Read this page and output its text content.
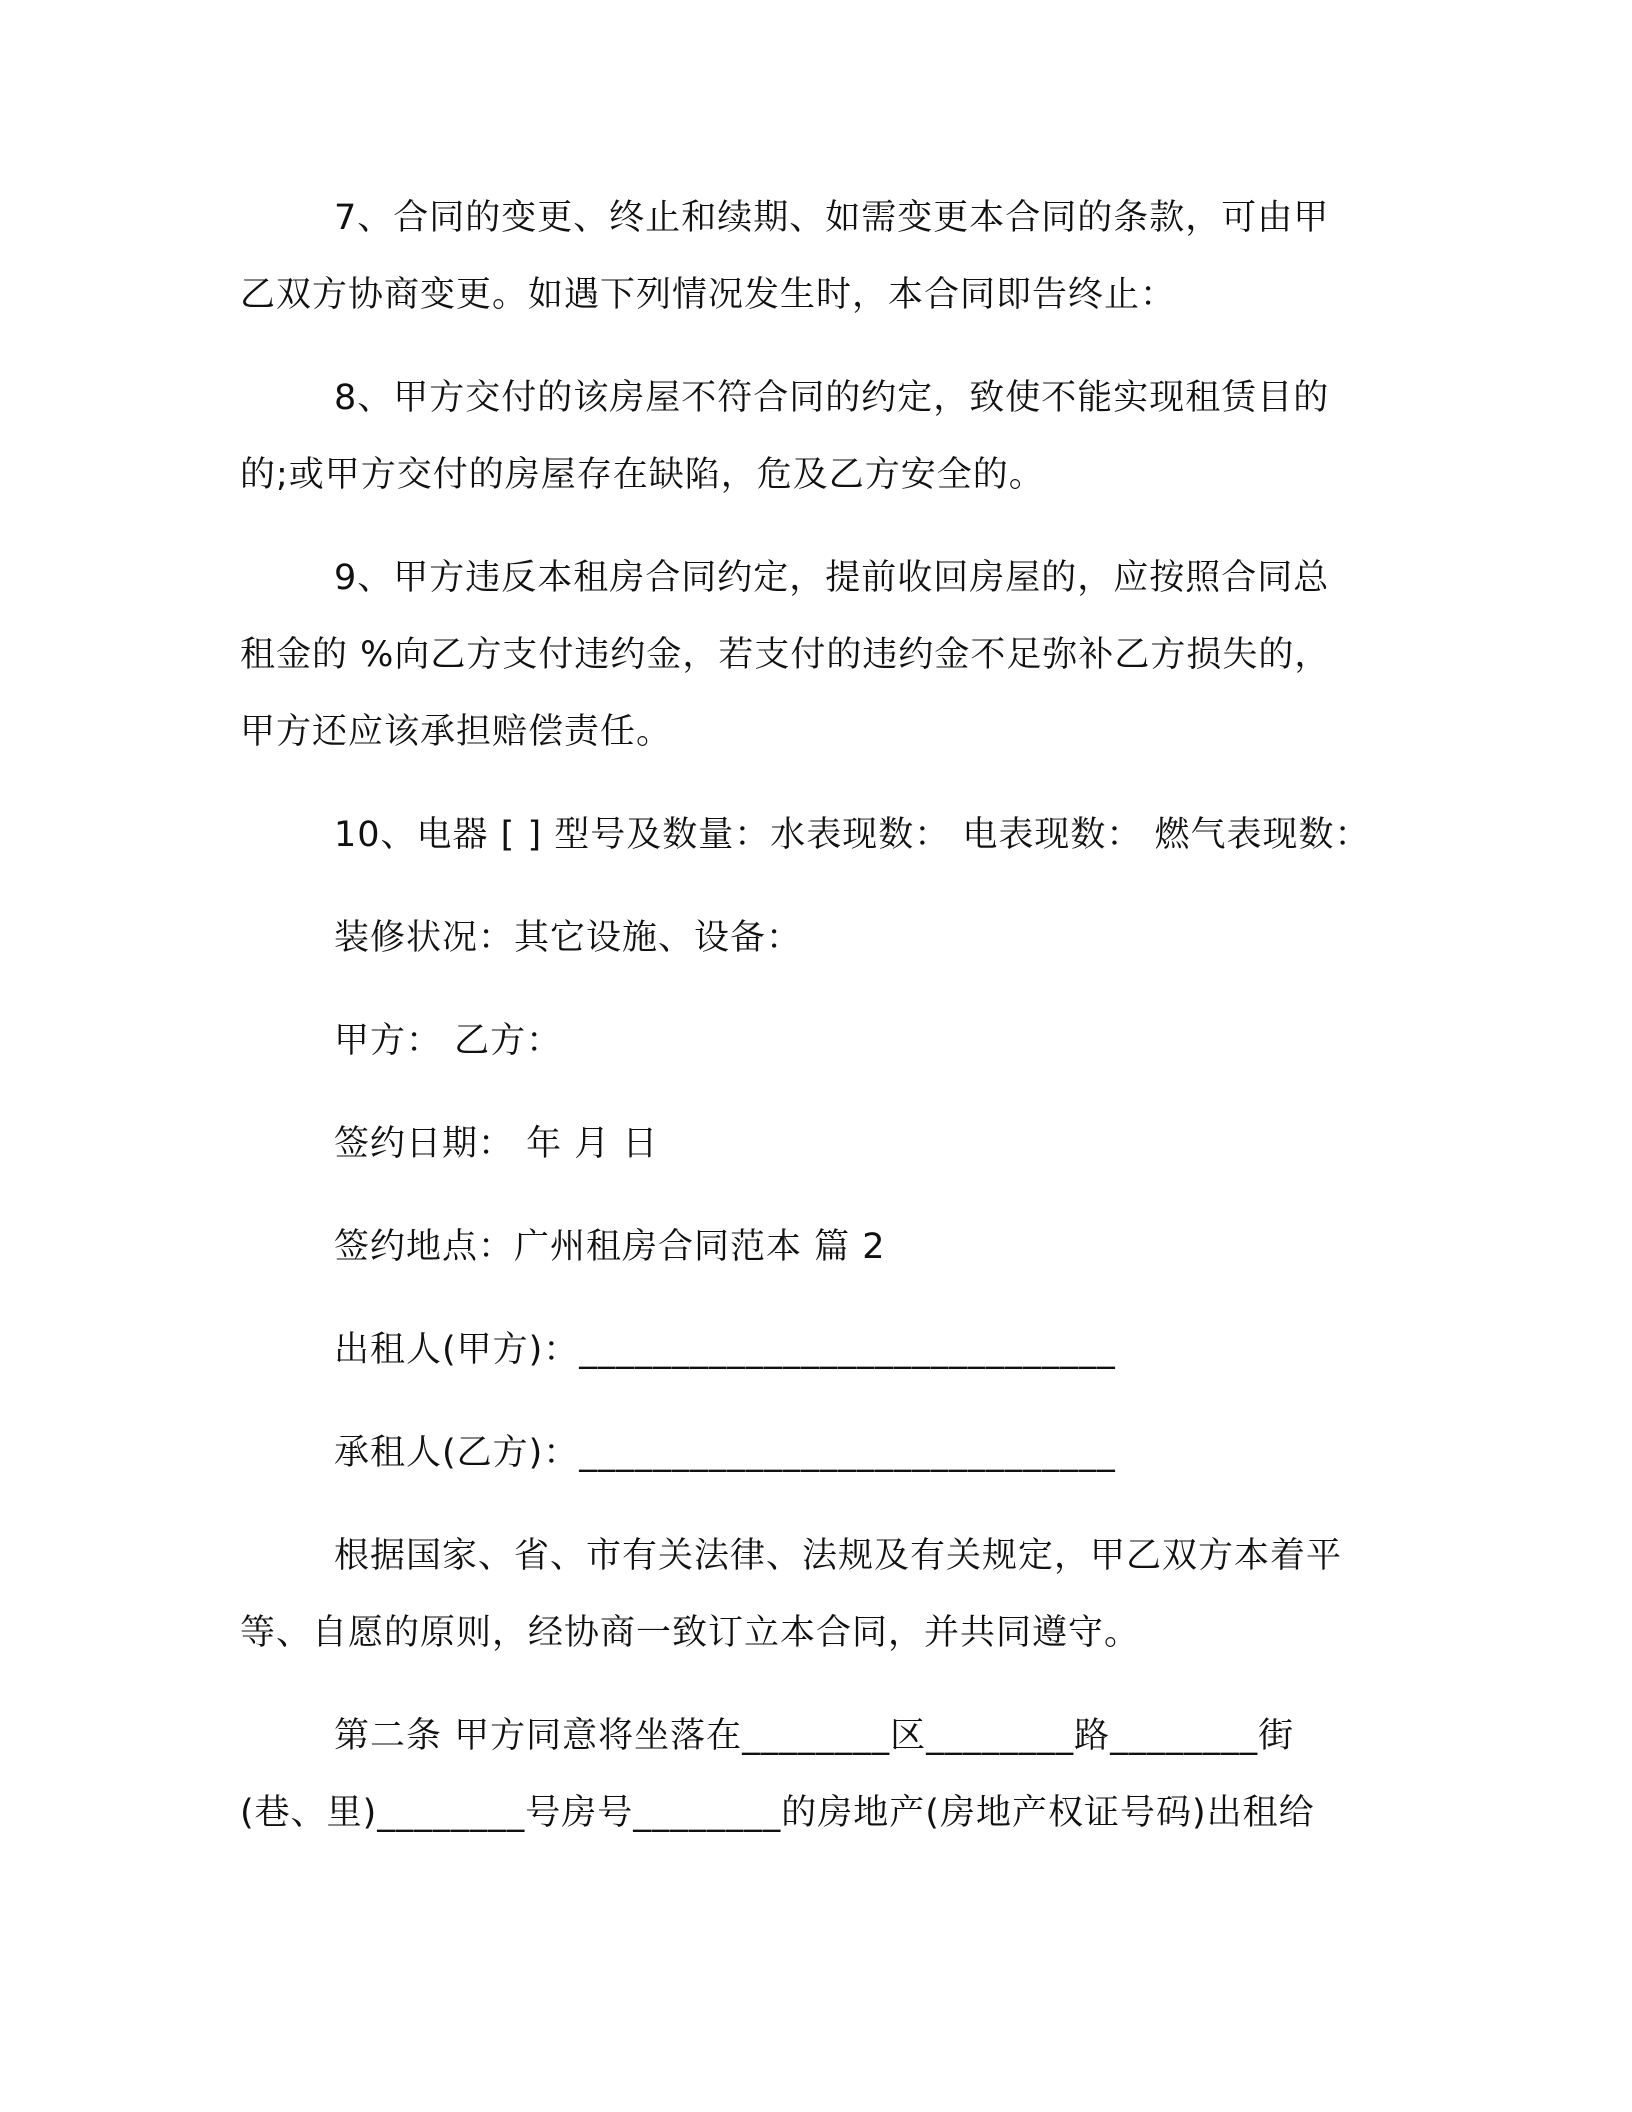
7、合同的变更、终止和续期、如需变更本合同的条款，可由甲

乙双方协商变更。如遇下列情况发生时，本合同即告终止：

8、甲方交付的该房屋不符合同的约定，致使不能实现租赁目的

的;或甲方交付的房屋存在缺陷，危及乙方安全的。

9、甲方违反本租房合同约定，提前收回房屋的，应按照合同总

租金的 %向乙方支付违约金，若支付的违约金不足弥补乙方损失的，

甲方还应该承担赔偿责任。

10、电器 [ ] 型号及数量：水表现数： 电表现数： 燃气表现数：

装修状况：其它设施、设备：

甲方： 乙方：

签约日期： 年 月 日

签约地点：广州租房合同范本 篇 2

出租人(甲方)：_____________________________

承租人(乙方)：_____________________________

根据国家、省、市有关法律、法规及有关规定，甲乙双方本着平

等、自愿的原则，经协商一致订立本合同，并共同遵守。

第二条 甲方同意将坐落在________区________路________街

(巷、里)________号房号________的房地产(房地产权证号码)出租给
